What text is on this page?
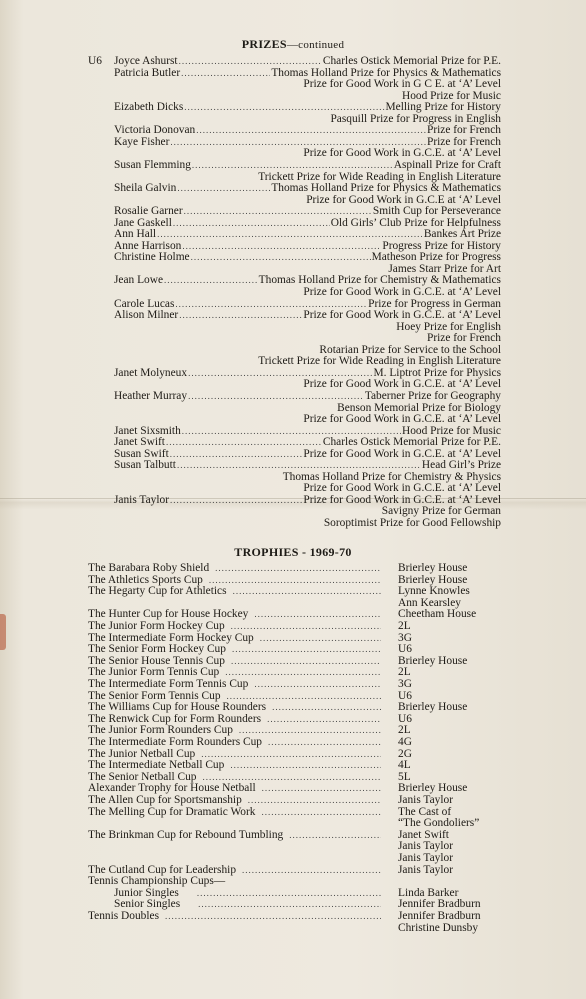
PRIZES—continued
U6 Joyce Ashurst .....	Charles Ostick Memorial Prize for P.E.
Patricia Butler .....	Thomas Holland Prize for Physics & Mathematics
Prize for Good Work in G C E. at ‘A’ Level
Hood Prize for Music
Eizabeth Dicks .....	Melling Prize for History
Pasquill Prize for Progress in English
Victoria Donovan .....	Prize for French
Kaye Fisher .....	Prize for French
Prize for Good Work in G.C.E. at ‘A’ Level
Susan Flemming .....	Aspinall Prize for Craft
Trickett Prize for Wide Reading in English Literature
Sheila Galvin .....	Thomas Holland Prize for Physics & Mathematics
Prize for Good Work in G.C.E at ‘A’ Level
Rosalie Garner .....	Smith Cup for Perseverance
Jane Gaskell .....	Old Girls’ Club Prize for Helpfulness
Ann Hall .....	Bankes Art Prize
Anne Harrison .....	Progress Prize for History
Christine Holme .....	Matheson Prize for Progress
James Starr Prize for Art
Jean Lowe .....	Thomas Holland Prize for Chemistry & Mathematics
Prize for Good Work in G.C.E. at ‘A’ Level
Carole Lucas .....	Prize for Progress in German
Alison Milner .....	Prize for Good Work in G.C.E. at ‘A’ Level
Hoey Prize for English
Prize for French
Rotarian Prize for Service to the School
Trickett Prize for Wide Reading in English Literature
Janet Molyneux .....	M. Liptrot Prize for Physics
Prize for Good Work in G.C.E. at ‘A’ Level
Heather Murray .....	Taberner Prize for Geography
Benson Memorial Prize for Biology
Prize for Good Work in G.C.E. at ‘A’ Level
Janet Sixsmith .....	Hood Prize for Music
Janet Swift .....	Charles Ostick Memorial Prize for P.E.
Susan Swift .....	Prize for Good Work in G.C.E. at ‘A’ Level
Susan Talbutt .....	Head Girl’s Prize
Thomas Holland Prize for Chemistry & Physics
Prize for Good Work in G.C.E. at ‘A’ Level
Janis Taylor .....	Prize for Good Work in G.C.E. at ‘A’ Level
Savigny Prize for German
Soroptimist Prize for Good Fellowship
TROPHIES - 1969-70
The Barabara Roby Shield .....	Brierley House
The Athletics Sports Cup .....	Brierley House
The Hegarty Cup for Athletics .....	Lynne Knowles
Ann Kearsley
The Hunter Cup for House Hockey .....	Cheetham House
The Junior Form Hockey Cup .....	2L
The Intermediate Form Hockey Cup .....	3G
The Senior Form Hockey Cup .....	U6
The Senior House Tennis Cup .....	Brierley House
The Junior Form Tennis Cup .....	2L
The Intermediate Form Tennis Cup .....	3G
The Senior Form Tennis Cup .....	U6
The Williams Cup for House Rounders .....	Brierley House
The Renwick Cup for Form Rounders .....	U6
The Junior Form Rounders Cup .....	2L
The Intermediate Form Rounders Cup .....	4G
The Junior Netball Cup .....	2G
The Intermediate Netball Cup .....	4L
The Senior Netball Cup .....	5L
Alexander Trophy for House Netball .....	Brierley House
The Allen Cup for Sportsmanship .....	Janis Taylor
The Melling Cup for Dramatic Work .....	The Cast of
“The Gondoliers”
The Brinkman Cup for Rebound Tumbling .....	Janet Swift
Janis Taylor
Janis Taylor
The Cutland Cup for Leadership .....	Janis Taylor
Tennis Championship Cups—
Junior Singles .....	Linda Barker
Senior Singles .....	Jennifer Bradburn
Tennis Doubles .....	Jennifer Bradburn
Christine Dunsby
